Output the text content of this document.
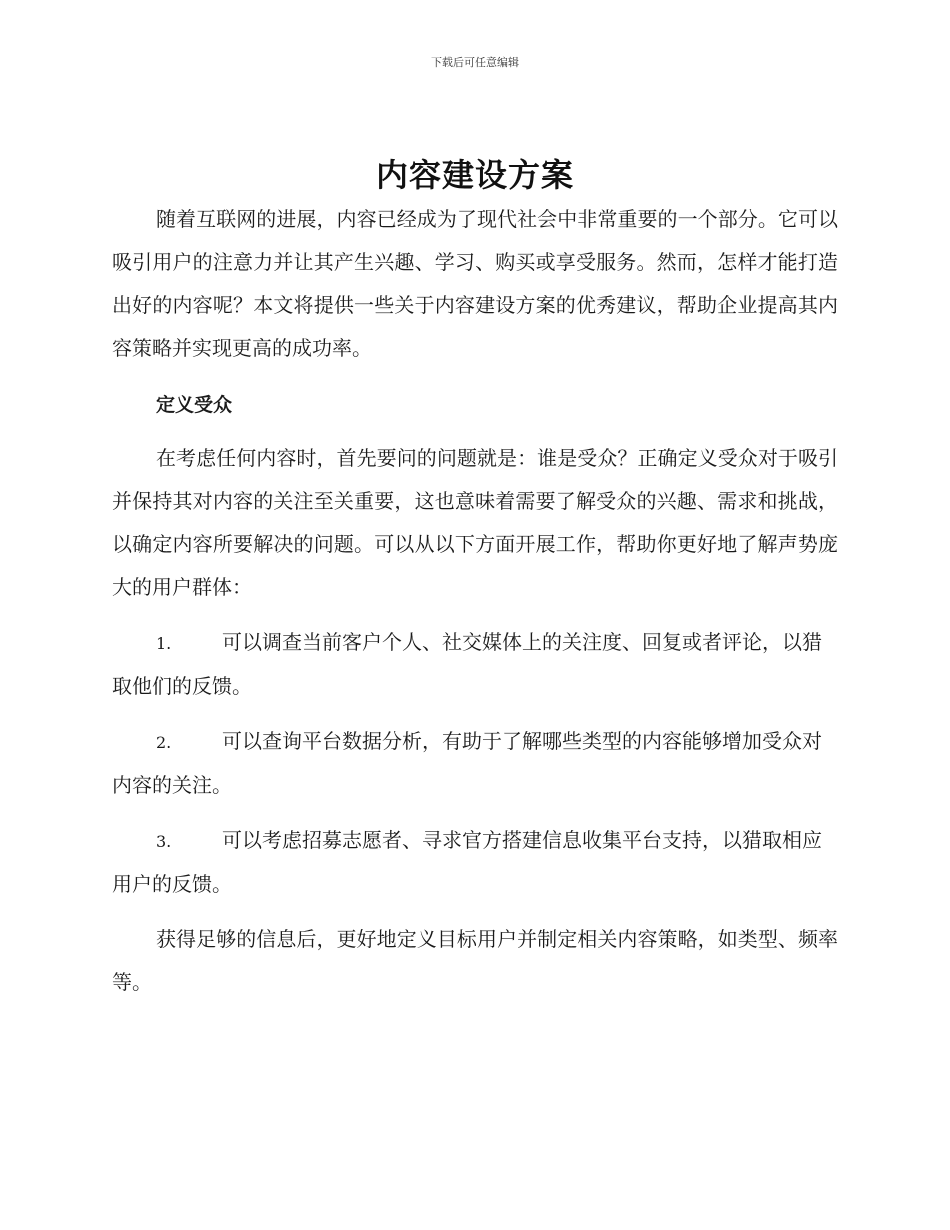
下载后可任意编辑
内容建设方案

随着互联网的进展，内容已经成为了现代社会中非常重要的一个部分。它可以吸引用户的注意力并让其产生兴趣、学习、购买或享受服务。然而，怎样才能打造出好的内容呢？本文将提供一些关于内容建设方案的优秀建议，帮助企业提高其内容策略并实现更高的成功率。

定义受众

在考虑任何内容时，首先要问的问题就是：谁是受众？正确定义受众对于吸引并保持其对内容的关注至关重要，这也意味着需要了解受众的兴趣、需求和挑战，以确定内容所要解决的问题。可以从以下方面开展工作，帮助你更好地了解声势庞大的用户群体：

1.	可以调查当前客户个人、社交媒体上的关注度、回复或者评论，以猎取他们的反馈。

2.	可以查询平台数据分析，有助于了解哪些类型的内容能够增加受众对内容的关注。

3.	可以考虑招募志愿者、寻求官方搭建信息收集平台支持，以猎取相应用户的反馈。

获得足够的信息后，更好地定义目标用户并制定相关内容策略，如类型、频率等。
